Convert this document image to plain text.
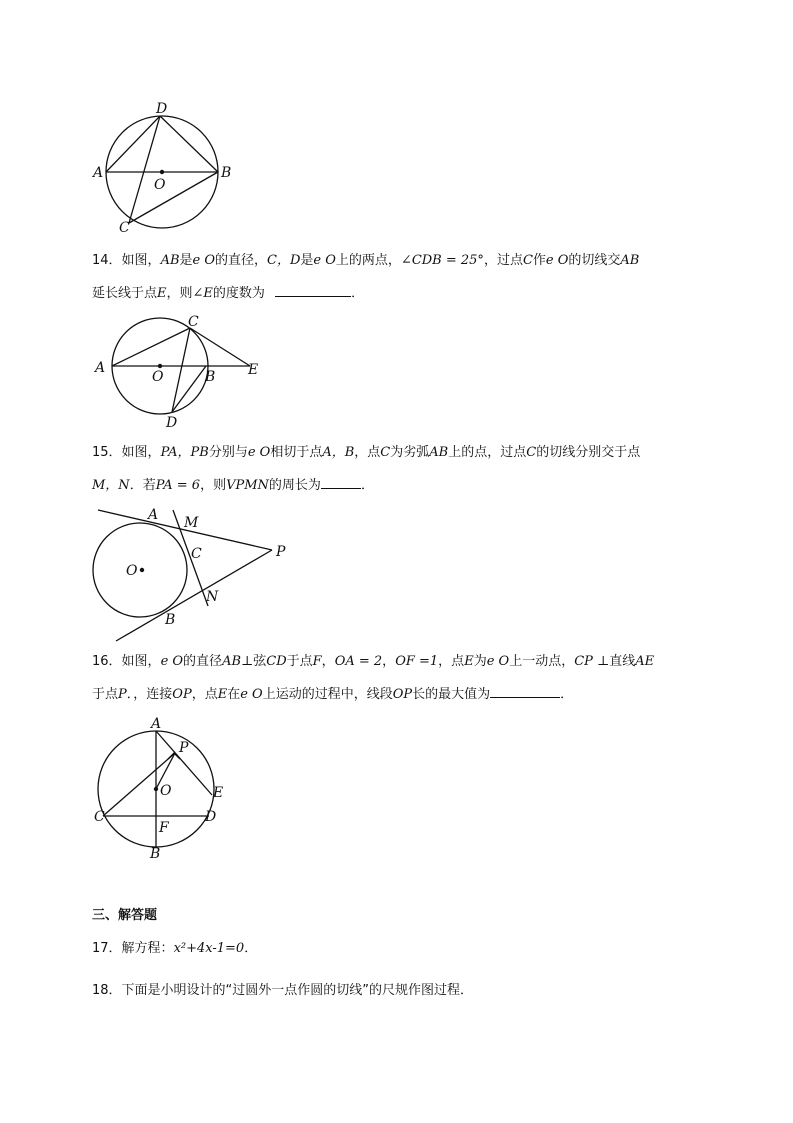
D
A	B
O
C
14．如图，AB是e O的直径，C，D是e O上的两点，∠CDB = 25°，过点C作e O的切线交AB
延长线于点E，则∠E的度数为	．
A
O	B E
C
D
15．如图，PA，PB分别与e O相切于点A，B，点C为劣弧AB上的点，过点C的切线分别交于点
M，N．若PA = 6，则VPMN的周长为	．
A M
C	P
O
N
B
16．如图，e O的直径AB⊥弦CD于点F，OA = 2，OF =1，点E为e O上一动点，CP ⊥直线AE
于点P．，连接OP，点E在e O上运动的过程中，线段OP长的最大值为	．
A
P
O	E
C
F
D
B
三、解答题
17．解方程：x²+4x-1=0．
18．下面是小明设计的“过圆外一点作圆的切线”的尺规作图过程．
